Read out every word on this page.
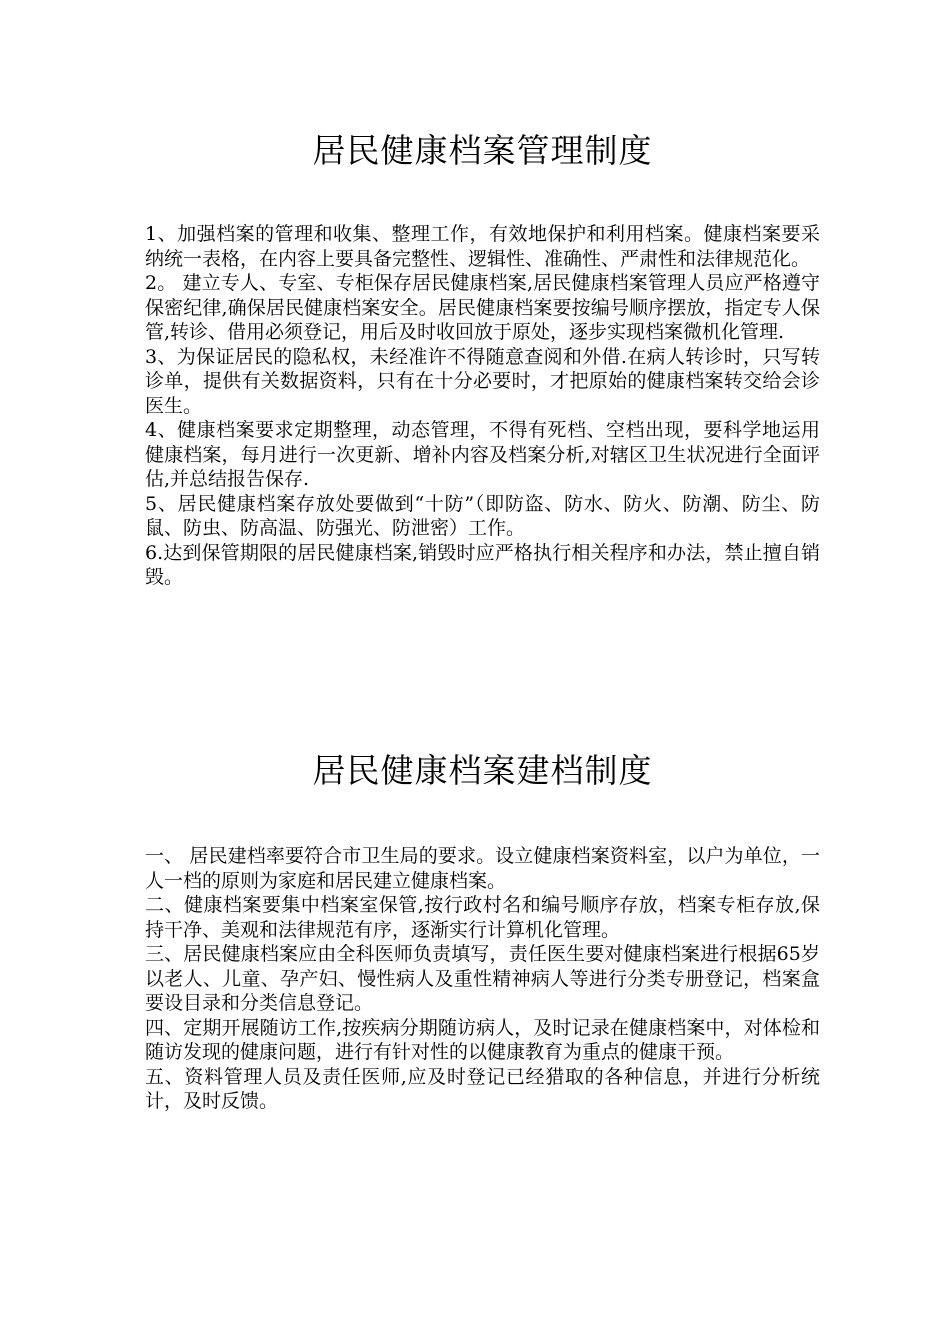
居民健康档案管理制度

1、加强档案的管理和收集、整理工作，有效地保护和利用档案。健康档案要采纳统一表格，在内容上要具备完整性、逻辑性、准确性、严肃性和法律规范化。

2。 建立专人、专室、专柜保存居民健康档案,居民健康档案管理人员应严格遵守保密纪律,确保居民健康档案安全。居民健康档案要按编号顺序摆放，指定专人保管,转诊、借用必须登记，用后及时收回放于原处，逐步实现档案微机化管理.

3、为保证居民的隐私权，未经准许不得随意查阅和外借.在病人转诊时，只写转诊单，提供有关数据资料，只有在十分必要时，才把原始的健康档案转交给会诊医生。

4、健康档案要求定期整理，动态管理，不得有死档、空档出现，要科学地运用健康档案，每月进行一次更新、增补内容及档案分析,对辖区卫生状况进行全面评估,并总结报告保存.

5、居民健康档案存放处要做到“十防”（即防盗、防水、防火、防潮、防尘、防鼠、防虫、防高温、防强光、防泄密）工作。

6.达到保管期限的居民健康档案,销毁时应严格执行相关程序和办法，禁止擅自销毁。

居民健康档案建档制度

一、 居民建档率要符合市卫生局的要求。设立健康档案资料室，以户为单位，一人一档的原则为家庭和居民建立健康档案。

二、健康档案要集中档案室保管,按行政村名和编号顺序存放，档案专柜存放,保持干净、美观和法律规范有序，逐渐实行计算机化管理。

三、居民健康档案应由全科医师负责填写，责任医生要对健康档案进行根据65岁以老人、儿童、孕产妇、慢性病人及重性精神病人等进行分类专册登记，档案盒要设目录和分类信息登记。

四、定期开展随访工作,按疾病分期随访病人，及时记录在健康档案中，对体检和随访发现的健康问题，进行有针对性的以健康教育为重点的健康干预。

五、资料管理人员及责任医师,应及时登记已经猎取的各种信息，并进行分析统计，及时反馈。
